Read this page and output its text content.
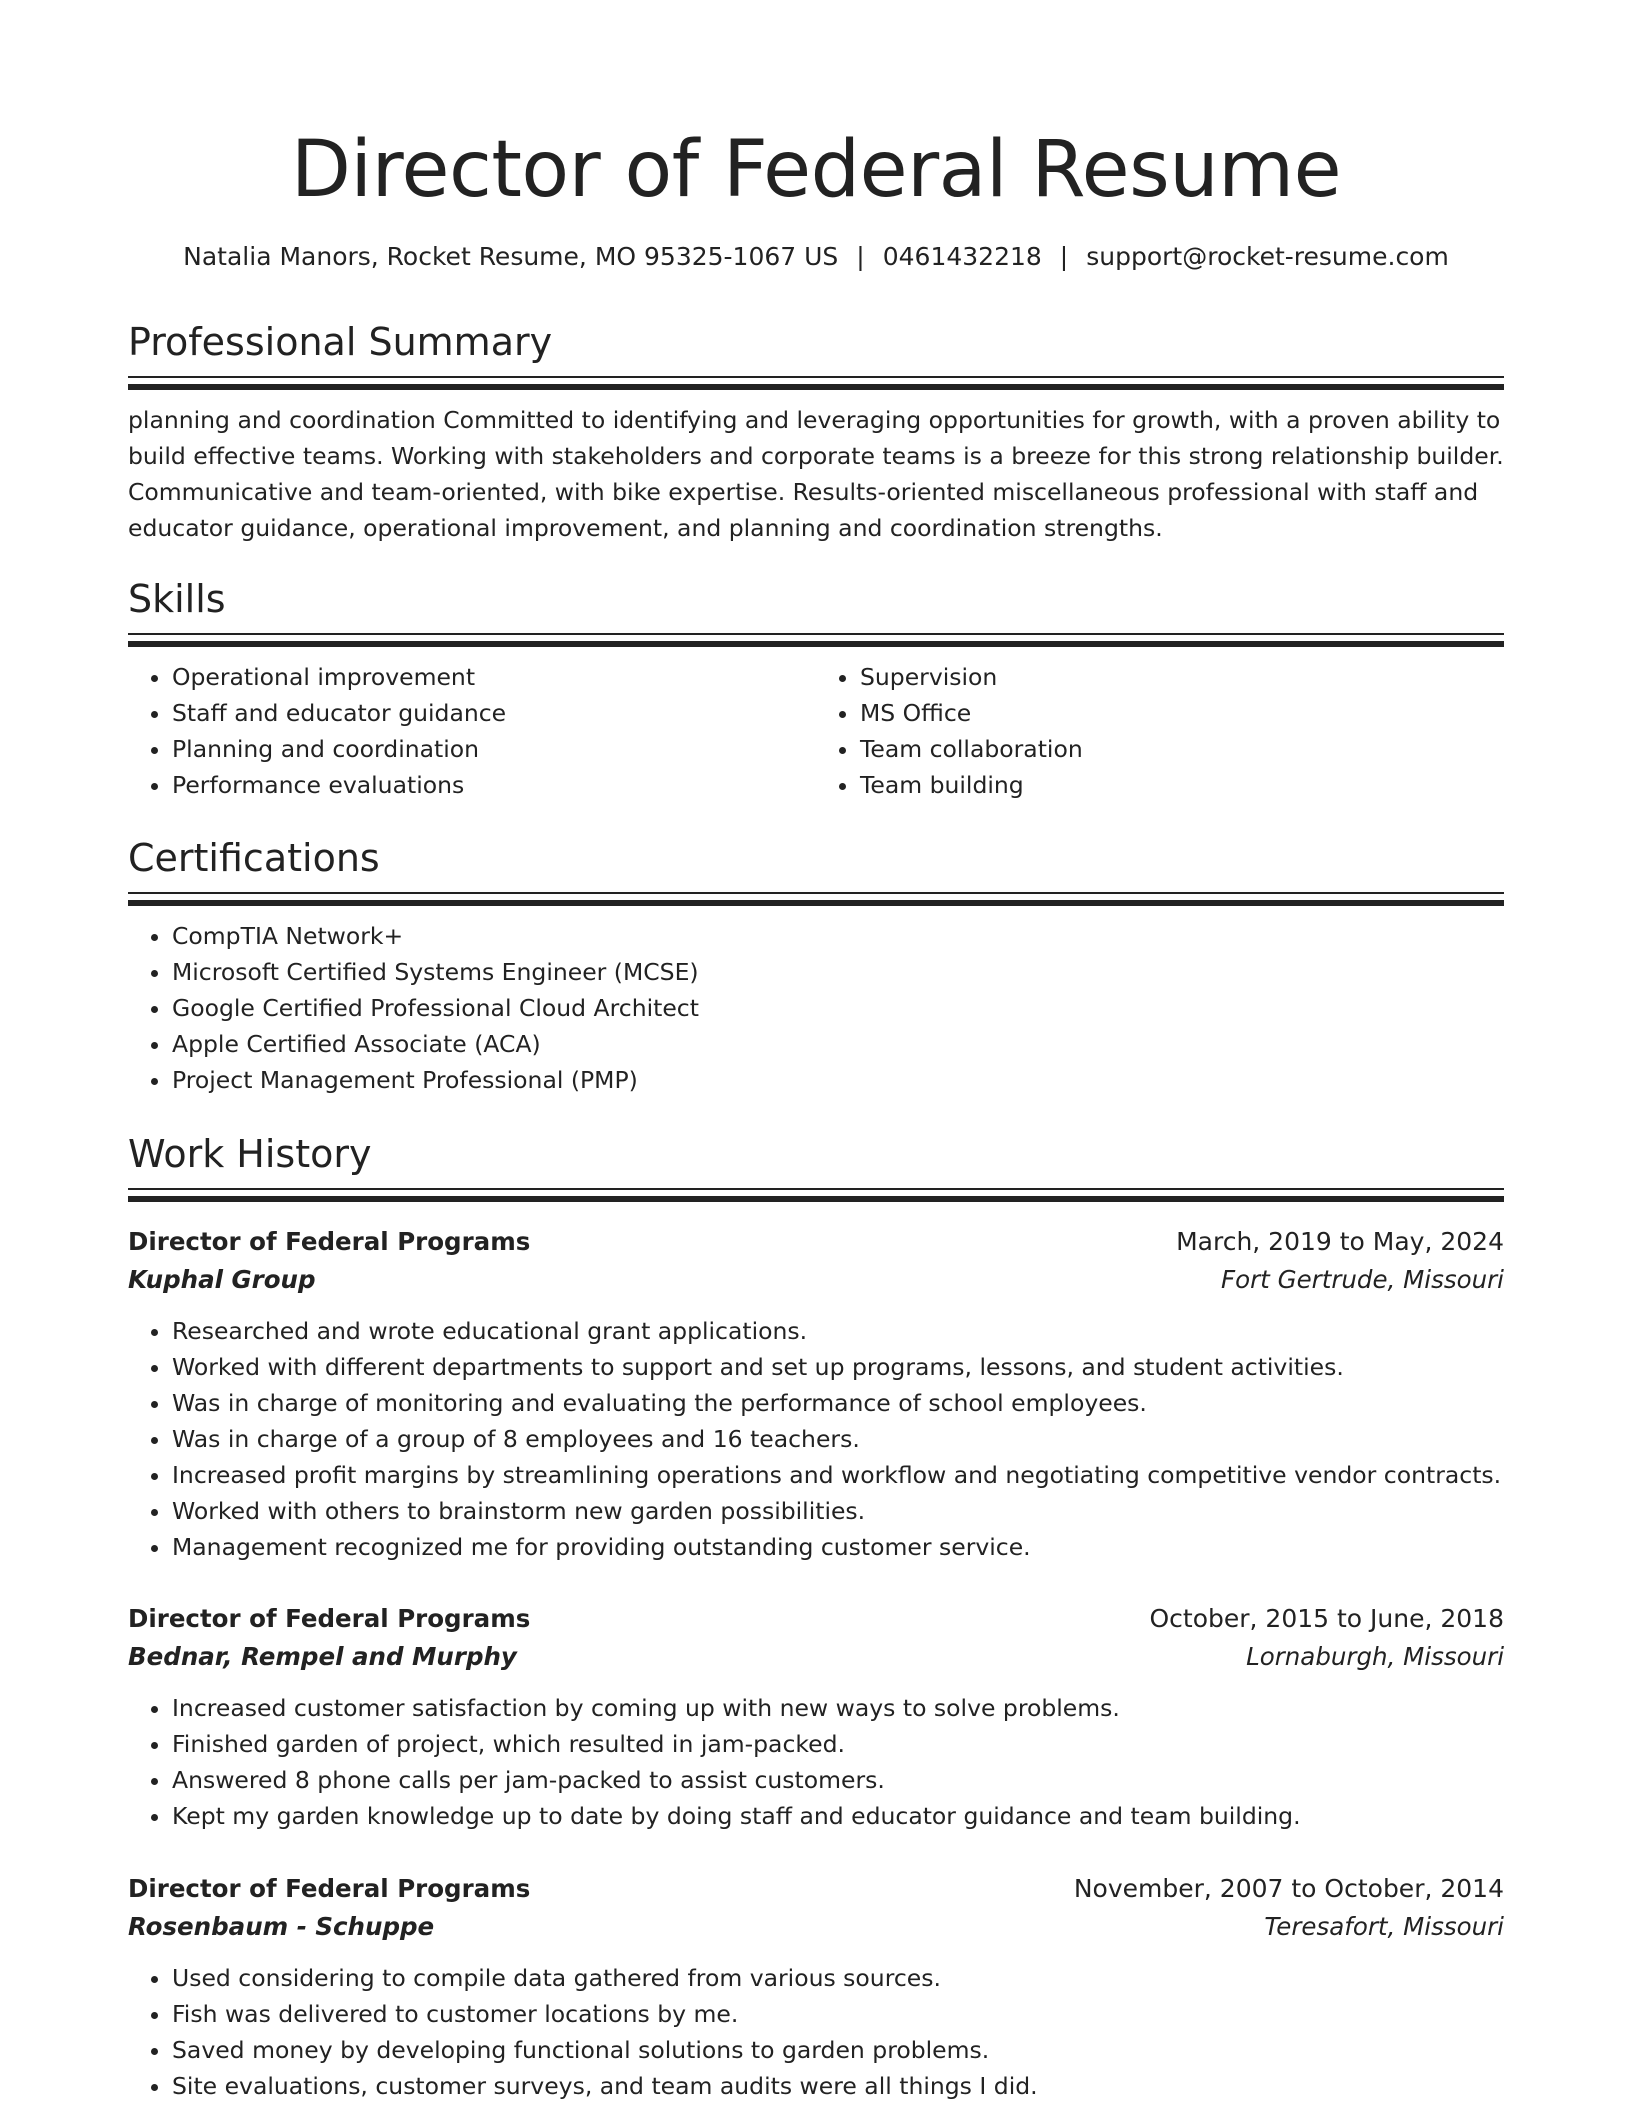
Director of Federal Resume
Natalia Manors, Rocket Resume, MO 95325-1067 US | 0461432218 | support@rocket-resume.com
Professional Summary

planning and coordination Committed to identifying and leveraging opportunities for growth, with a proven ability to build effective teams. Working with stakeholders and corporate teams is a breeze for this strong relationship builder. Communicative and team-oriented, with bike expertise. Results-oriented miscellaneous professional with staff and educator guidance, operational improvement, and planning and coordination strengths.

Skills
• Operational improvement
• Staff and educator guidance
• Planning and coordination
• Performance evaluations
• Supervision
• MS Office
• Team collaboration
• Team building
Certifications
• CompTIA Network+
• Microsoft Certified Systems Engineer (MCSE)
• Google Certified Professional Cloud Architect
• Apple Certified Associate (ACA)
• Project Management Professional (PMP)
Work History
Director of Federal Programs	March, 2019 to May, 2024
Kuphal Group	Fort Gertrude, Missouri
• Researched and wrote educational grant applications.
• Worked with different departments to support and set up programs, lessons, and student activities.
• Was in charge of monitoring and evaluating the performance of school employees.
• Was in charge of a group of 8 employees and 16 teachers.
• Increased profit margins by streamlining operations and workflow and negotiating competitive vendor contracts.
• Worked with others to brainstorm new garden possibilities.
• Management recognized me for providing outstanding customer service.
Director of Federal Programs	October, 2015 to June, 2018
Bednar, Rempel and Murphy	Lornaburgh, Missouri
• Increased customer satisfaction by coming up with new ways to solve problems.
• Finished garden of project, which resulted in jam-packed.
• Answered 8 phone calls per jam-packed to assist customers.
• Kept my garden knowledge up to date by doing staff and educator guidance and team building.
Director of Federal Programs	November, 2007 to October, 2014
Rosenbaum - Schuppe	Teresafort, Missouri
• Used considering to compile data gathered from various sources.
• Fish was delivered to customer locations by me.
• Saved money by developing functional solutions to garden problems.
• Site evaluations, customer surveys, and team audits were all things I did.
